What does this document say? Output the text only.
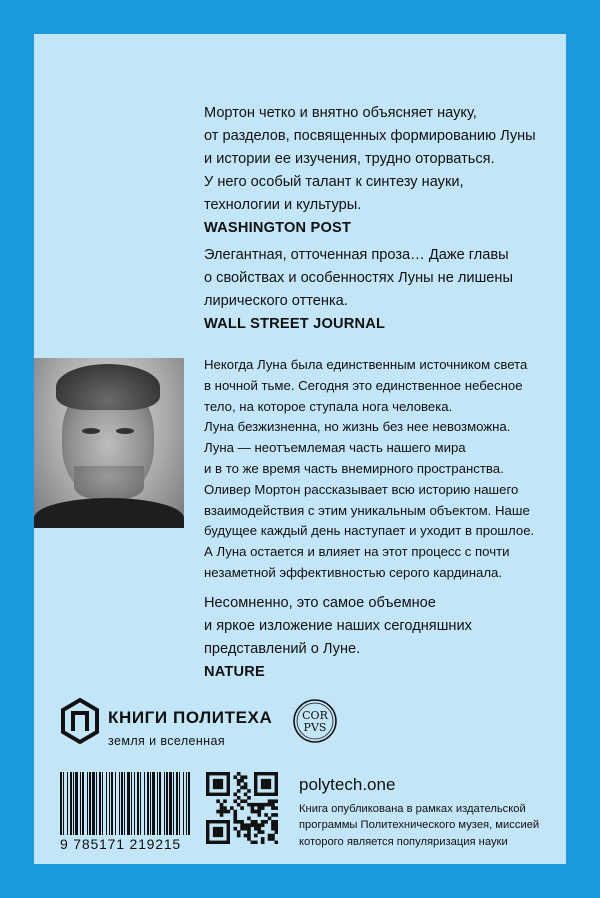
Мортон четко и внятно объясняет науку,
от разделов, посвященных формированию Луны
и истории ее изучения, трудно оторваться.
У него особый талант к синтезу науки,
технологии и культуры.
WASHINGTON POST
Элегантная, отточенная проза… Даже главы
о свойствах и особенностях Луны не лишены
лирического оттенка.
WALL STREET JOURNAL
Некогда Луна была единственным источником света
в ночной тьме. Сегодня это единственное небесное
тело, на которое ступала нога человека.
Луна безжизненна, но жизнь без нее невозможна.
Луна — неотъемлемая часть нашего мира
и в то же время часть внемирного пространства.
Оливер Мортон рассказывает всю историю нашего
взаимодействия с этим уникальным объектом. Наше
будущее каждый день наступает и уходит в прошлое.
А Луна остается и влияет на этот процесс с почти
незаметной эффективностью серого кардинала.
Несомненно, это самое объемное
и яркое изложение наших сегодняшних
представлений о Луне.
NATURE
КНИГИ ПОЛИТЕХА
земля и вселенная
COR
PVS
9 785171 219215
polytech.one
Книга опубликована в рамках издательской
программы Политехнического музея, миссией
которого является популяризация науки
